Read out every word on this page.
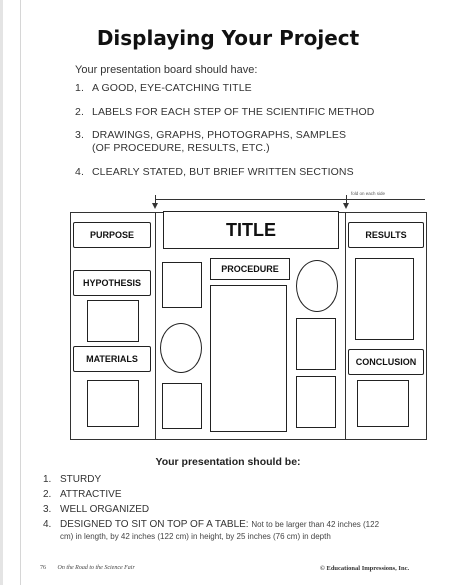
Displaying Your Project
Your presentation board should have:
1. A GOOD, EYE-CATCHING TITLE
2. LABELS FOR EACH STEP OF THE SCIENTIFIC METHOD
3. DRAWINGS, GRAPHS, PHOTOGRAPHS, SAMPLES
(OF PROCEDURE, RESULTS, ETC.)
4. CLEARLY STATED, BUT BRIEF WRITTEN SECTIONS
fold on each side
PURPOSE
HYPOTHESIS
MATERIALS
TITLE
PROCEDURE
RESULTS
CONCLUSION
Your presentation should be:
1. STURDY
2. ATTRACTIVE
3. WELL ORGANIZED
4. DESIGNED TO SIT ON TOP OF A TABLE: Not to be larger than 42 inches (122
cm) in length, by 42 inches (122 cm) in height, by 25 inches (76 cm) in depth
76 On the Road to the Science Fair	© Educational Impressions, Inc.
